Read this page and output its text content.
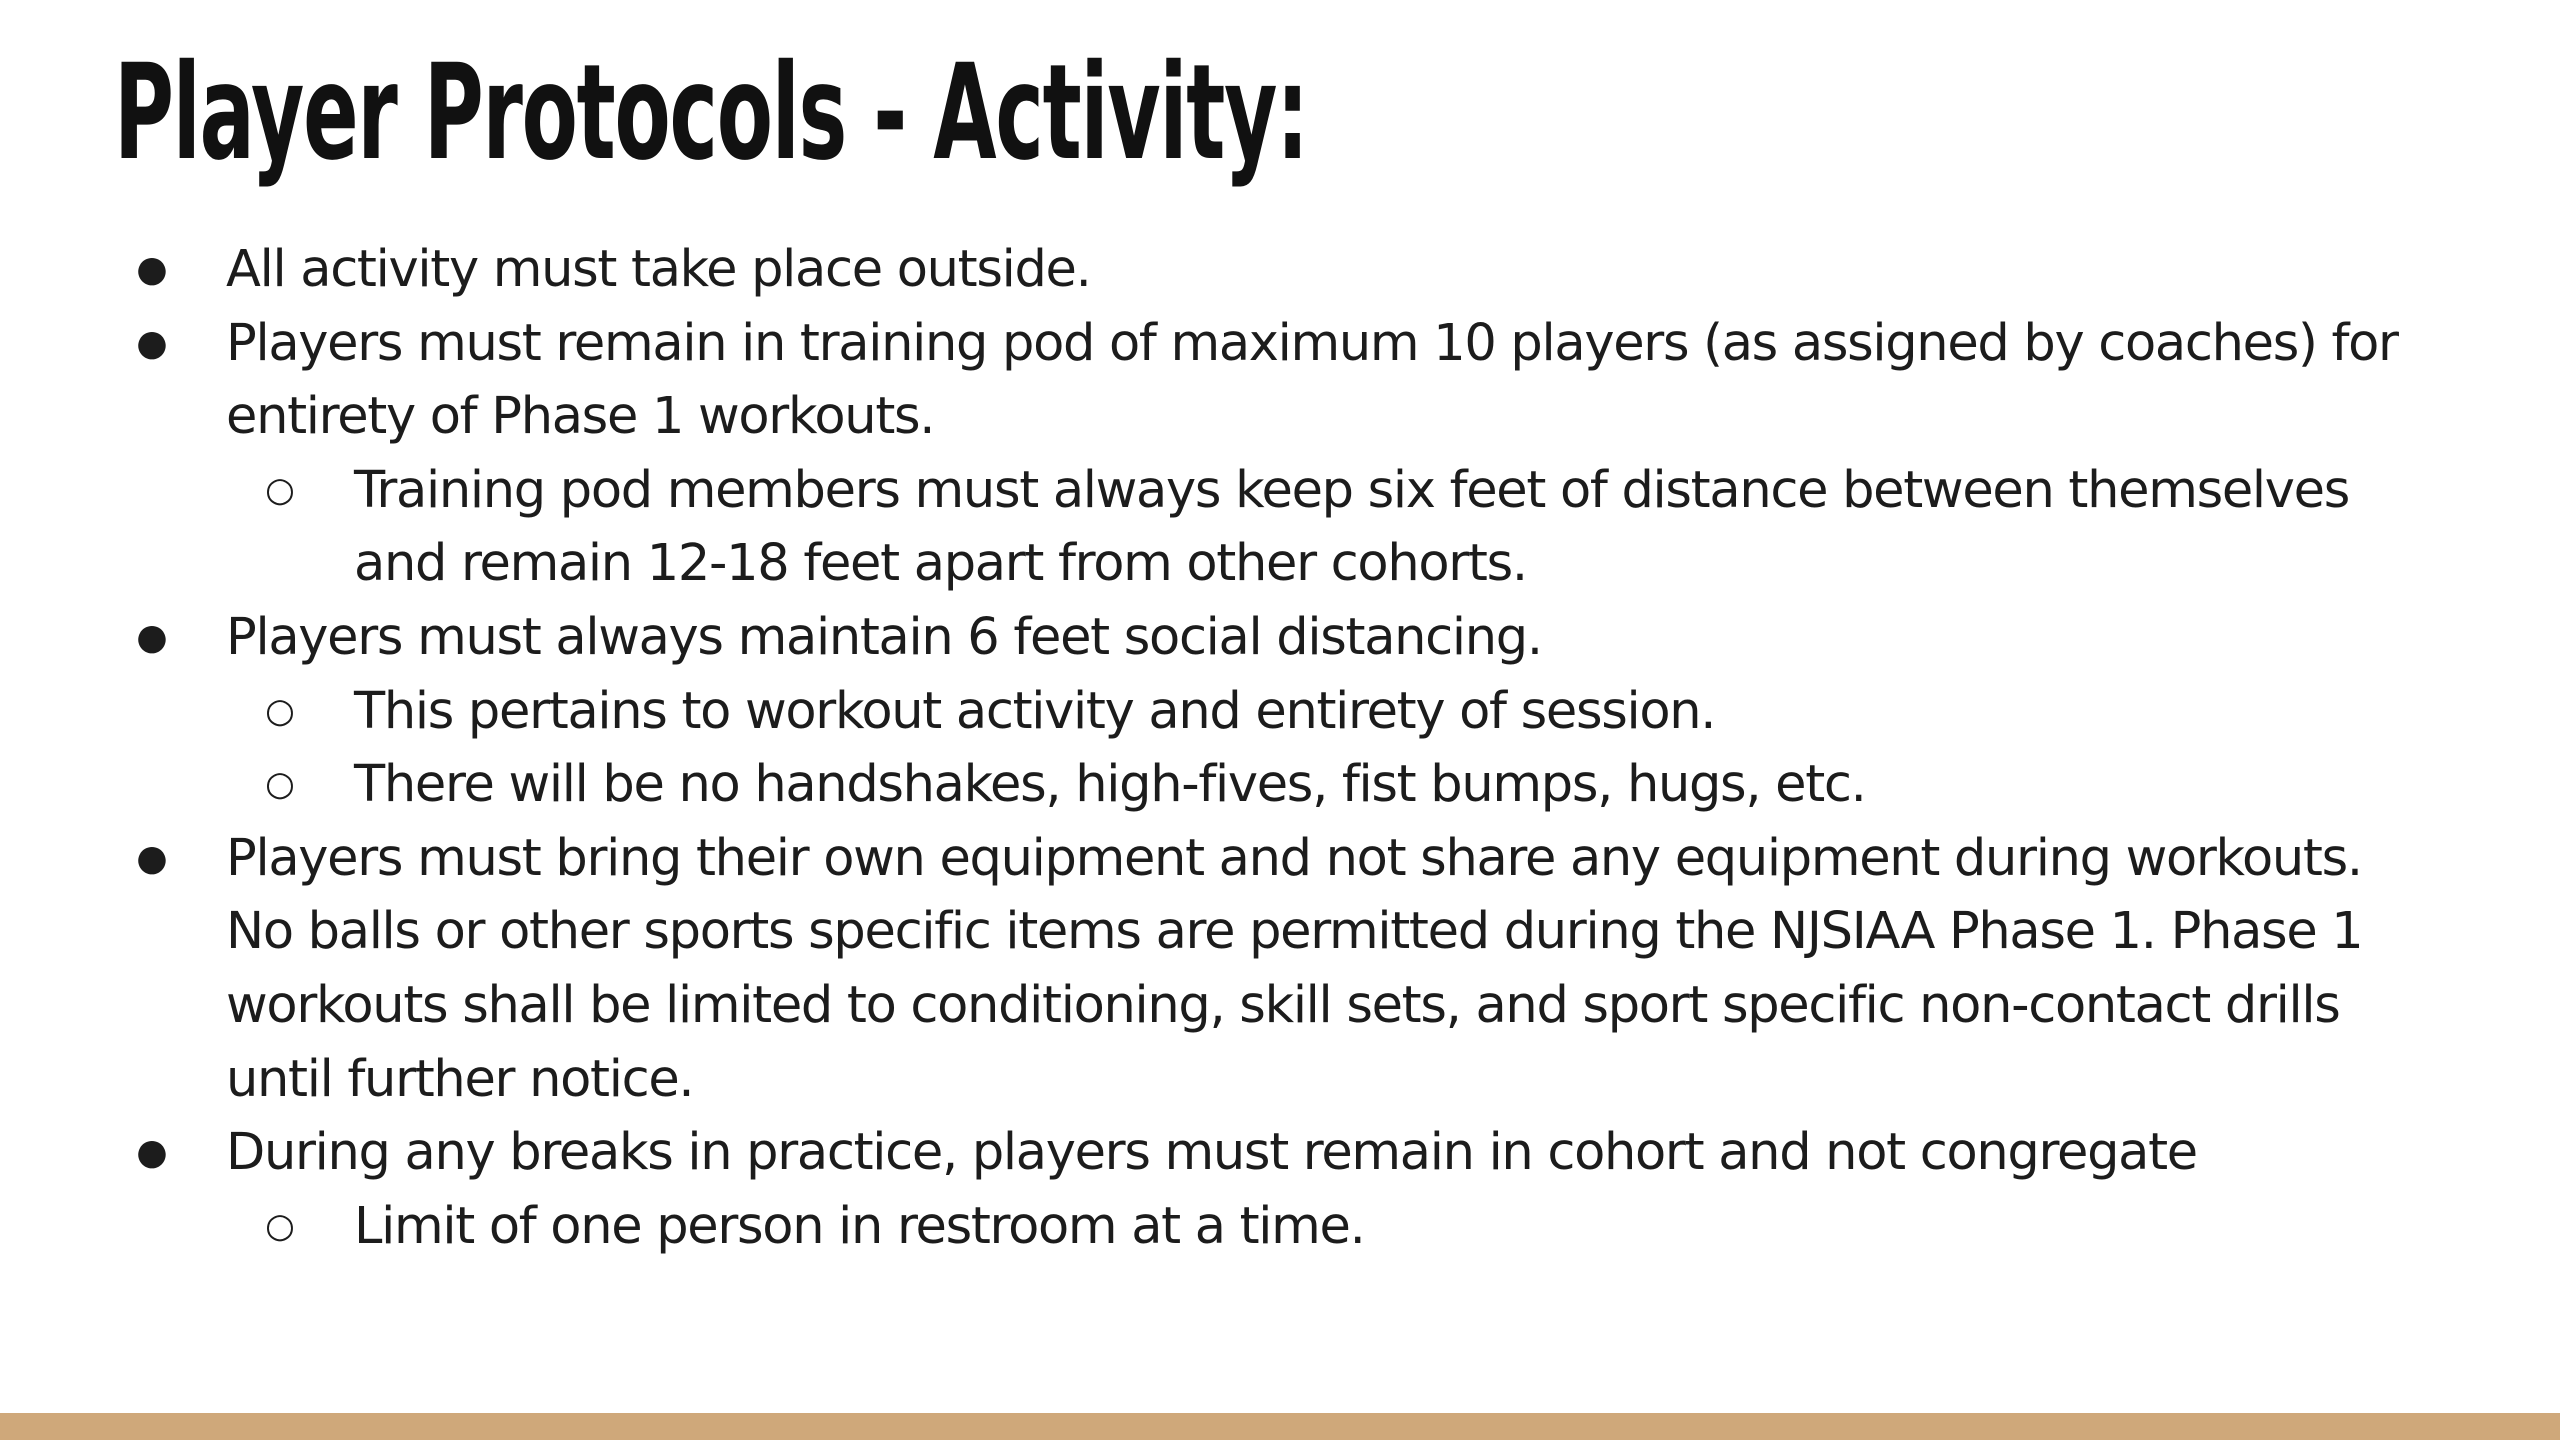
Player Protocols - Activity:
● All activity must take place outside.
● Players must remain in training pod of maximum 10 players (as assigned by coaches) for
entirety of Phase 1 workouts.
○ Training pod members must always keep six feet of distance between themselves
and remain 12-18 feet apart from other cohorts.
● Players must always maintain 6 feet social distancing.
○ This pertains to workout activity and entirety of session.
○ There will be no handshakes, high-fives, fist bumps, hugs, etc.
● Players must bring their own equipment and not share any equipment during workouts.
No balls or other sports specific items are permitted during the NJSIAA Phase 1. Phase 1
workouts shall be limited to conditioning, skill sets, and sport specific non-contact drills
until further notice.
● During any breaks in practice, players must remain in cohort and not congregate
○ Limit of one person in restroom at a time.
